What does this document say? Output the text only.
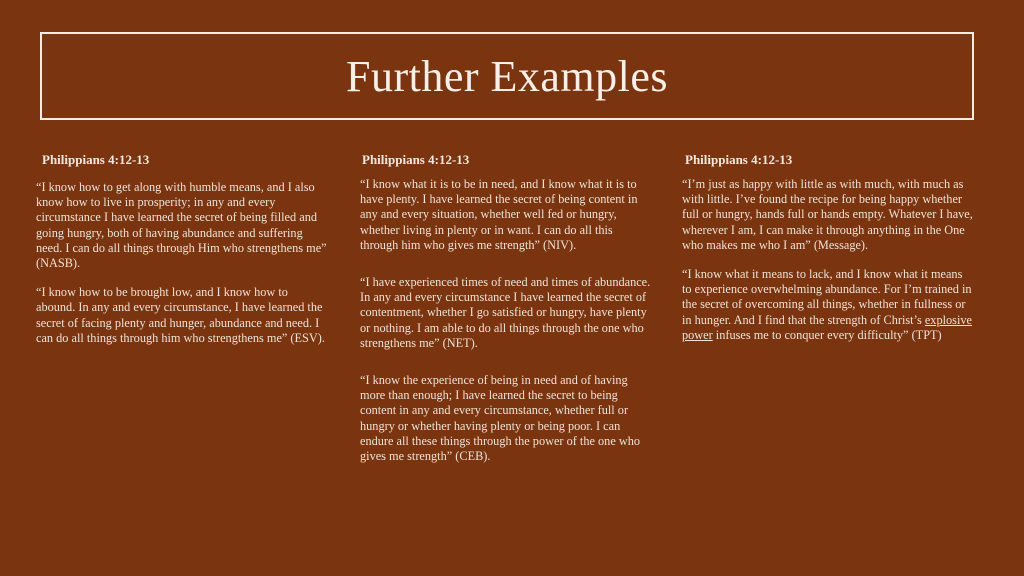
Further Examples
Philippians 4:12-13

“I know how to get along with humble means, and I also know how to live in prosperity; in any and every circumstance I have learned the secret of being filled and going hungry, both of having abundance and suffering need. I can do all things through Him who strengthens me” (NASB).

“I know how to be brought low, and I know how to abound. In any and every circumstance, I have learned the secret of facing plenty and hunger, abundance and need. I can do all things through him who strengthens me” (ESV).

Philippians 4:12-13

“I know what it is to be in need, and I know what it is to have plenty. I have learned the secret of being content in any and every situation, whether well fed or hungry, whether living in plenty or in want. I can do all this through him who gives me strength” (NIV).

“I have experienced times of need and times of abundance. In any and every circumstance I have learned the secret of contentment, whether I go satisfied or hungry, have plenty or nothing. I am able to do all things through the one who strengthens me” (NET).

“I know the experience of being in need and of having more than enough; I have learned the secret to being content in any and every circumstance, whether full or hungry or whether having plenty or being poor. I can endure all these things through the power of the one who gives me strength” (CEB).

Philippians 4:12-13

“I’m just as happy with little as with much, with much as with little. I’ve found the recipe for being happy whether full or hungry, hands full or hands empty. Whatever I have, wherever I am, I can make it through anything in the One who makes me who I am” (Message).

“I know what it means to lack, and I know what it means to experience overwhelming abundance. For I’m trained in the secret of overcoming all things, whether in fullness or in hunger. And I find that the strength of Christ’s explosive power infuses me to conquer every difficulty” (TPT)
